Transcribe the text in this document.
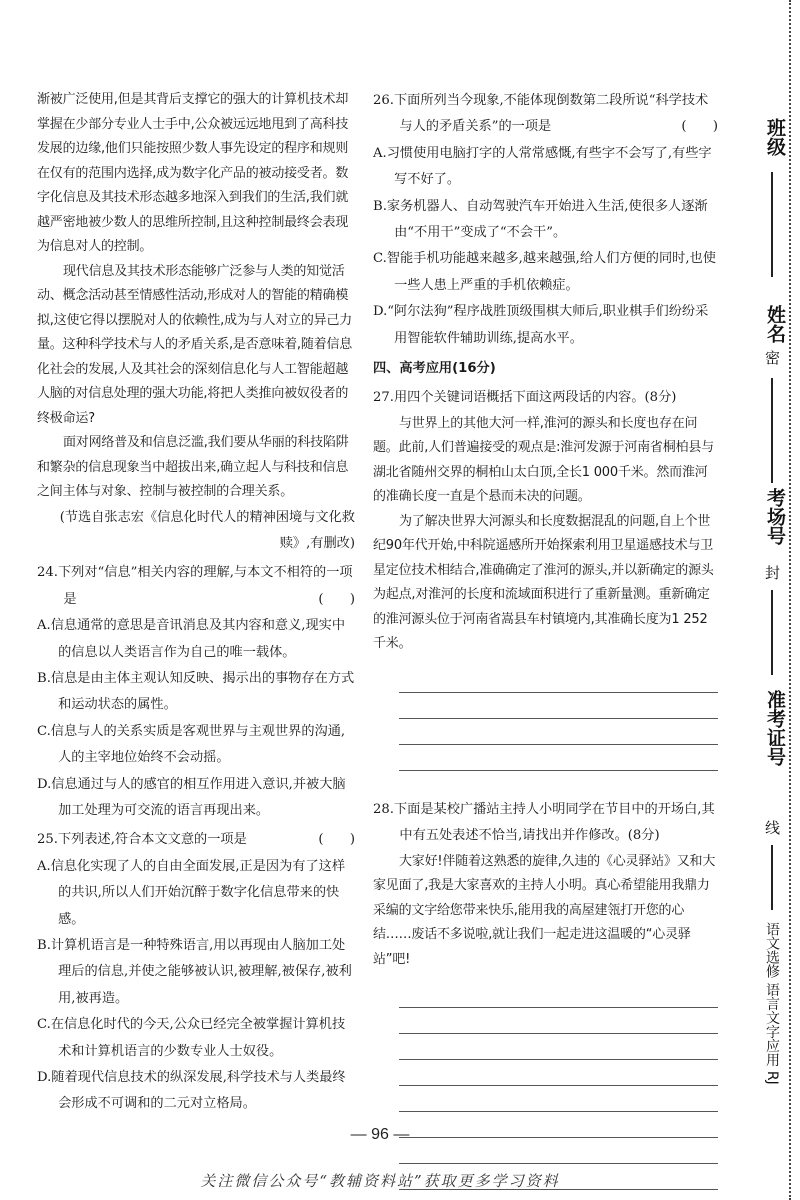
渐被广泛使用,但是其背后支撑它的强大的计算机技术却掌握在少部分专业人士手中,公众被远远地甩到了高科技发展的边缘,他们只能按照少数人事先设定的程序和规则在仅有的范围内选择,成为数字化产品的被动接受者。数字化信息及其技术形态越多地深入到我们的生活,我们就越严密地被少数人的思维所控制,且这种控制最终会表现为信息对人的控制。
现代信息及其技术形态能够广泛参与人类的知觉活动、概念活动甚至情感性活动,形成对人的智能的精确模拟,这使它得以摆脱对人的依赖性,成为与人对立的异己力量。这种科学技术与人的矛盾关系,是否意味着,随着信息化社会的发展,人及其社会的深刻信息化与人工智能超越人脑的对信息处理的强大功能,将把人类推向被奴役者的终极命运?
面对网络普及和信息泛滥,我们要从华丽的科技陷阱和繁杂的信息现象当中超拔出来,确立起人与科技和信息之间主体与对象、控制与被控制的合理关系。
(节选自张志宏《信息化时代人的精神困境与文化救赎》,有删改)
24.下列对“信息”相关内容的理解,与本文不相符的一项是	(　　)
A.信息通常的意思是音讯消息及其内容和意义,现实中的信息以人类语言作为自己的唯一载体。
B.信息是由主体主观认知反映、揭示出的事物存在方式和运动状态的属性。
C.信息与人的关系实质是客观世界与主观世界的沟通,人的主宰地位始终不会动摇。
D.信息通过与人的感官的相互作用进入意识,并被大脑加工处理为可交流的语言再现出来。
25.下列表述,符合本文文意的一项是	(　　)
A.信息化实现了人的自由全面发展,正是因为有了这样的共识,所以人们开始沉醉于数字化信息带来的快感。
B.计算机语言是一种特殊语言,用以再现由人脑加工处理后的信息,并使之能够被认识,被理解,被保存,被利用,被再造。
C.在信息化时代的今天,公众已经完全被掌握计算机技术和计算机语言的少数专业人士奴役。
D.随着现代信息技术的纵深发展,科学技术与人类最终会形成不可调和的二元对立格局。
26.下面所列当今现象,不能体现倒数第二段所说“科学技术与人的矛盾关系”的一项是	(　　)
A.习惯使用电脑打字的人常常感慨,有些字不会写了,有些字写不好了。
B.家务机器人、自动驾驶汽车开始进入生活,使很多人逐渐由“不用干”变成了“不会干”。
C.智能手机功能越来越多,越来越强,给人们方便的同时,也使一些人患上严重的手机依赖症。
D.“阿尔法狗”程序战胜顶级围棋大师后,职业棋手们纷纷采用智能软件辅助训练,提高水平。
四、高考应用(16分)
27.用四个关键词语概括下面这两段话的内容。(8分)
与世界上的其他大河一样,淮河的源头和长度也存在问题。此前,人们普遍接受的观点是:淮河发源于河南省桐柏县与湖北省随州交界的桐柏山太白顶,全长1 000千米。然而淮河的准确长度一直是个悬而未决的问题。
为了解决世界大河源头和长度数据混乱的问题,自上个世纪90年代开始,中科院遥感所开始探索利用卫星遥感技术与卫星定位技术相结合,准确确定了淮河的源头,并以新确定的源头为起点,对淮河的长度和流域面积进行了重新量测。重新确定的淮河源头位于河南省嵩县车村镇境内,其准确长度为1 252千米。
28.下面是某校广播站主持人小明同学在节目中的开场白,其中有五处表述不恰当,请找出并作修改。(8分)
大家好!伴随着这熟悉的旋律,久违的《心灵驿站》又和大家见面了,我是大家喜欢的主持人小明。真心希望能用我鼎力采编的文字给您带来快乐,能用我的高屋建瓴打开您的心结……废话不多说啦,就让我们一起走进这温暖的“心灵驿站”吧!
— 96 —
关注微信公众号“教辅资料站”获取更多学习资料
班级
姓名
密
考场号
封
准考证号
线
语文选修 语言文字应用 RJ
